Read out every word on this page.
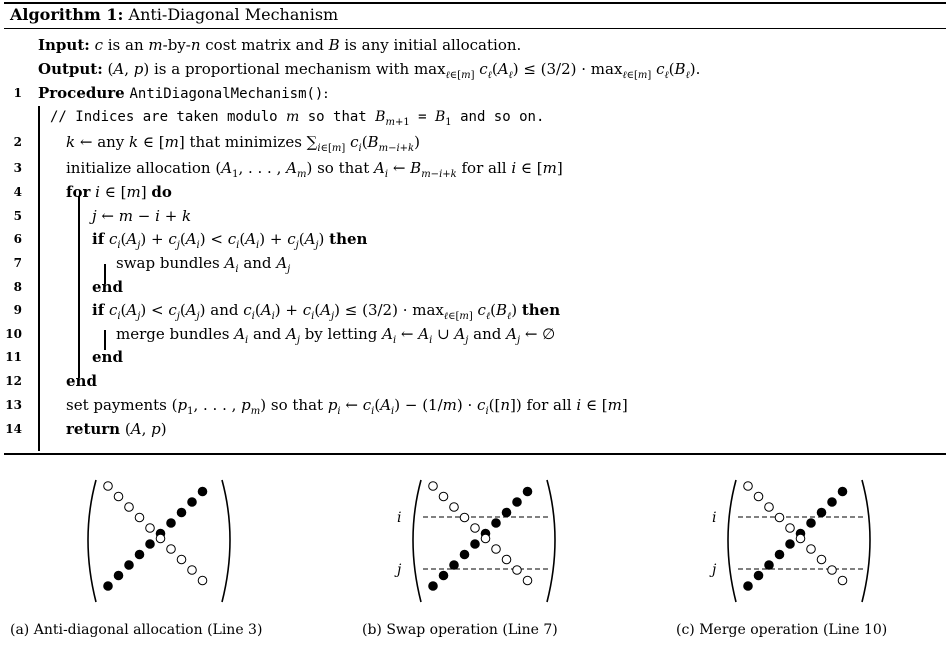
Algorithm 1: Anti-Diagonal Mechanism
Input: c is an m-by-n cost matrix and B is any initial allocation.
Output: (A, p) is a proportional mechanism with $\max_{\ell\in[m]} c_\ell(A_\ell) \le (3/2) \cdot \max_{\ell\in[m]} c_\ell(B_\ell)$.
1
2
3
4
5
6
7
8
9
10
11
12
13
14
Procedure AntiDiagonalMechanism():
// Indices are taken modulo m so that $B_{m+1} = B_1$ and so on.
k ← any k ∈ [m] that minimizes $\sum_{i\in[m]}$ $c_i(B_{m-i+k})$
initialize allocation ($A_1$, . . . , $A_m$) so that $A_i$ ← $B_{m-i+k}$ for all i ∈ [m]
for i ∈ [m] do
j ← m − i + k
if $c_i(A_j) + c_j(A_i) < c_i(A_i) + c_j(A_j)$ then
swap bundles $A_i$ and $A_j$
end
if $c_i(A_j) < c_j(A_j)$ and $c_i(A_i) + c_i(A_j) \le (3/2) \cdot \max_{\ell\in[m]} c_\ell(B_\ell)$ then
merge bundles $A_i$ and $A_j$ by letting $A_i$ ← $A_i$ ∪ $A_j$ and $A_j$ ← ∅
end
end
set payments ($p_1$, . . . , $p_m$) so that $p_i$ ← $c_i(A_i) - (1/m) \cdot c_i([n])$ for all i ∈ [m]
return (A, p)
i
j
i
j
(a) Anti-diagonal allocation (Line 3)	(b) Swap operation (Line 7)	(c) Merge operation (Line 10)
